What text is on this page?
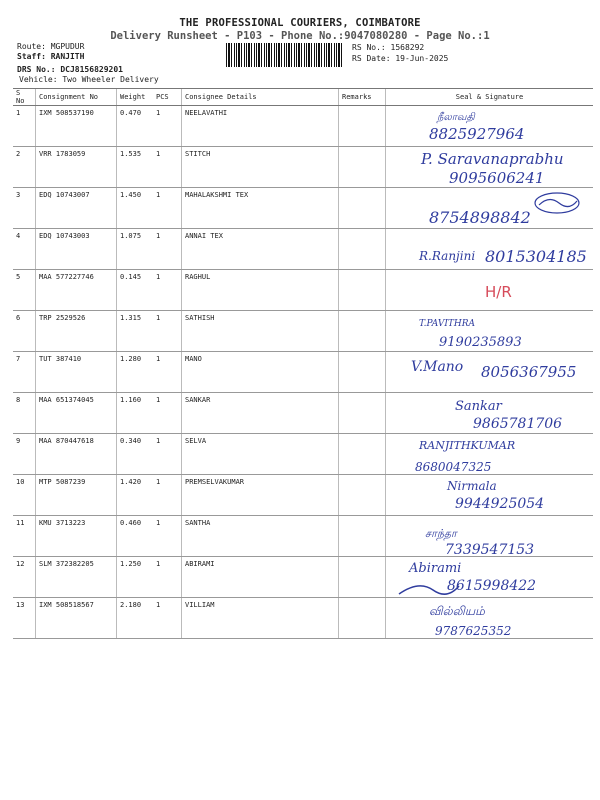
THE PROFESSIONAL COURIERS, COIMBATORE
Delivery Runsheet - P103 - Phone No.:9047080280 - Page No.:1
Route: MGPUDUR
Staff: RANJITH
DRS No.: DCJ8156829201
Vehicle: Two Wheeler Delivery
RS No.: 1568292
RS Date: 19-Jun-2025
S No	Consignment No	Weight	PCS	Consignee Details	Remarks	Seal & Signature
1	IXM 508537190	0.470	1	NEELAVATHI		நீலாவதி
8825927964

2	VRR 1783059	1.535	1	STITCH		P. Saravanaprabhu
9095606241

3	EDQ 10743007	1.450	1	MAHALAKSHMI TEX		8754898842

4	EDQ 10743003	1.075	1	ANNAI TEX		R.Ranjini 8015304185

5	MAA 577227746	0.145	1	RAGHUL		H/R

6	TRP 2529526	1.315	1	SATHISH		T.PAVITHRA
9190235893

7	TUT 387410	1.280	1	MANO		V.Mano 8056367955

8	MAA 651374045	1.160	1	SANKAR		Sankar
9865781706

9	MAA 870447618	0.340	1	SELVA		RANJITHKUMAR
8680047325

10	MTP 5087239	1.420	1	PREMSELVAKUMAR		Nirmala
9944925054

11	KMU 3713223	0.460	1	SANTHA		சாந்தா
7339547153

12	SLM 372382205	1.250	1	ABIRAMI		Abirami
8615998422

13	IXM 508518567	2.180	1	VILLIAM		வில்லியம்
9787625352
